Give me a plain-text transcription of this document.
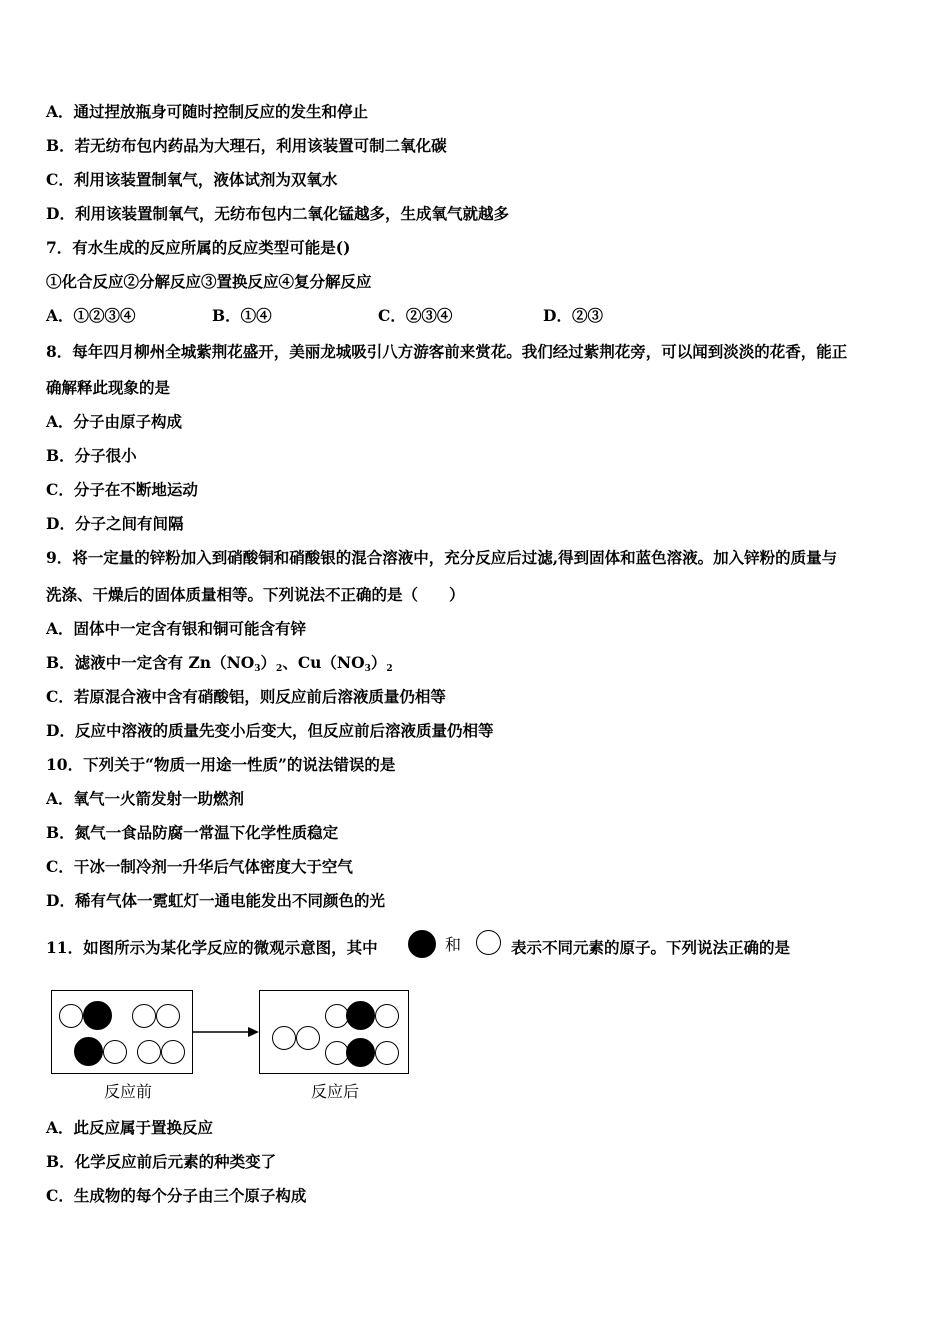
A．通过捏放瓶身可随时控制反应的发生和停止
B．若无纺布包内药品为大理石，利用该装置可制二氧化碳
C．利用该装置制氧气，液体试剂为双氧水
D．利用该装置制氧气，无纺布包内二氧化锰越多，生成氧气就越多
7．有水生成的反应所属的反应类型可能是()
①化合反应②分解反应③置换反应④复分解反应
A．①②③④	B．①④	C．②③④	D．②③
8．每年四月柳州全城紫荆花盛开，美丽龙城吸引八方游客前来赏花。我们经过紫荆花旁，可以闻到淡淡的花香，能正
确解释此现象的是
A．分子由原子构成
B．分子很小
C．分子在不断地运动
D．分子之间有间隔
9．将一定量的锌粉加入到硝酸铜和硝酸银的混合溶液中，充分反应后过滤,得到固体和蓝色溶液。加入锌粉的质量与
洗涤、干燥后的固体质量相等。下列说法不正确的是（　　）
A．固体中一定含有银和铜可能含有锌
B．滤液中一定含有 $Zn(NO_3)_2$、$Cu(NO_3)_2$
C．若原混合液中含有硝酸铝，则反应前后溶液质量仍相等
D．反应中溶液的质量先变小后变大，但反应前后溶液质量仍相等
10．下列关于“物质一用途一性质”的说法错误的是
A．氧气一火箭发射一助燃剂
B．氮气一食品防腐一常温下化学性质稳定
C．干冰一制冷剂一升华后气体密度大于空气
D．稀有气体一霓虹灯一通电能发出不同颜色的光
11．如图所示为某化学反应的微观示意图，其中	和	表示不同元素的原子。下列说法正确的是
反应前	反应后
A．此反应属于置换反应
B．化学反应前后元素的种类变了
C．生成物的每个分子由三个原子构成
